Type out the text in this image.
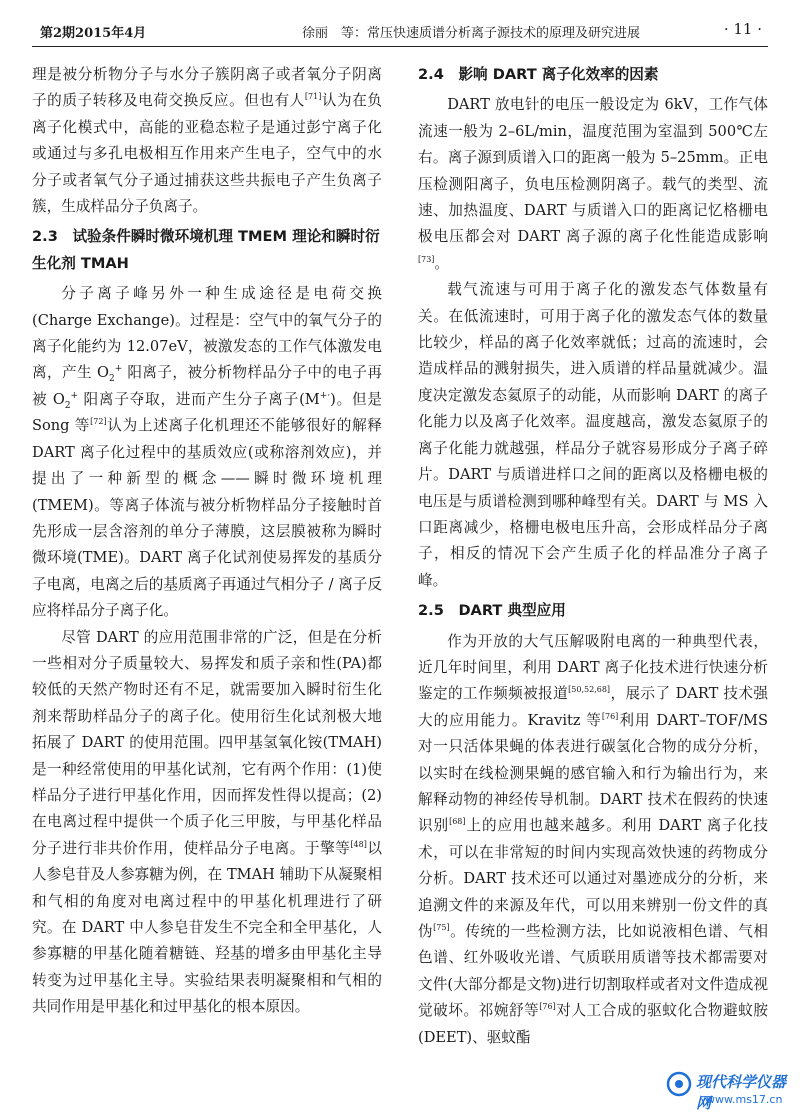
第2期2015年4月	徐丽　等：常压快速质谱分析离子源技术的原理及研究进展	· 11 ·

理是被分析物分子与水分子簇阴离子或者氧分子阴离子的质子转移及电荷交换反应。但也有人[71]认为在负离子化模式中，高能的亚稳态粒子是通过彭宁离子化或通过与多孔电极相互作用来产生电子，空气中的水分子或者氧气分子通过捕获这些共振电子产生负离子簇，生成样品分子负离子。

2.3　试验条件瞬时微环境机理 TMEM 理论和瞬时衍生化剂 TMAH

分子离子峰另外一种生成途径是电荷交换(Charge Exchange)。过程是：空气中的氧气分子的离子化能约为 12.07eV，被激发态的工作气体激发电离，产生 $O_2^+$ 阳离子，被分析物样品分子中的电子再被 $O_2^+$ 阳离子夺取，进而产生分子离子(M+·)。但是 Song 等[72]认为上述离子化机理还不能够很好的解释 DART 离子化过程中的基质效应(或称溶剂效应)，并提出了一种新型的概念——瞬时微环境机理(TMEM)。等离子体流与被分析物样品分子接触时首先形成一层含溶剂的单分子薄膜，这层膜被称为瞬时微环境(TME)。DART 离子化试剂使易挥发的基质分子电离，电离之后的基质离子再通过气相分子 / 离子反应将样品分子离子化。

尽管 DART 的应用范围非常的广泛，但是在分析一些相对分子质量较大、易挥发和质子亲和性(PA)都较低的天然产物时还有不足，就需要加入瞬时衍生化剂来帮助样品分子的离子化。使用衍生化试剂极大地拓展了 DART 的使用范围。四甲基氢氧化铵(TMAH)是一种经常使用的甲基化试剂，它有两个作用：(1)使样品分子进行甲基化作用，因而挥发性得以提高；(2)在电离过程中提供一个质子化三甲胺，与甲基化样品分子进行非共价作用，使样品分子电离。于擎等[48]以人参皂苷及人参寡糖为例，在 TMAH 辅助下从凝聚相和气相的角度对电离过程中的甲基化机理进行了研究。在 DART 中人参皂苷发生不完全和全甲基化，人参寡糖的甲基化随着糖链、羟基的增多由甲基化主导转变为过甲基化主导。实验结果表明凝聚相和气相的共同作用是甲基化和过甲基化的根本原因。

2.4　影响 DART 离子化效率的因素

DART 放电针的电压一般设定为 6kV，工作气体流速一般为 2–6L/min，温度范围为室温到 500℃左右。离子源到质谱入口的距离一般为 5–25mm。正电压检测阳离子，负电压检测阴离子。载气的类型、流速、加热温度、DART 与质谱入口的距离记忆格栅电极电压都会对 DART 离子源的离子化性能造成影响[73]。

载气流速与可用于离子化的激发态气体数量有关。在低流速时，可用于离子化的激发态气体的数量比较少，样品的离子化效率就低；过高的流速时，会造成样品的溅射损失，进入质谱的样品量就减少。温度决定激发态氦原子的动能，从而影响 DART 的离子化能力以及离子化效率。温度越高，激发态氦原子的离子化能力就越强，样品分子就容易形成分子离子碎片。DART 与质谱进样口之间的距离以及格栅电极的电压是与质谱检测到哪种峰型有关。DART 与 MS 入口距离减少，格栅电极电压升高，会形成样品分子离子，相反的情况下会产生质子化的样品准分子离子峰。

2.5　DART 典型应用

作为开放的大气压解吸附电离的一种典型代表，近几年时间里，利用 DART 离子化技术进行快速分析鉴定的工作频频被报道[50,52,68]，展示了 DART 技术强大的应用能力。Kravitz 等[76]利用 DART–TOF/MS 对一只活体果蝇的体表进行碳氢化合物的成分分析，以实时在线检测果蝇的感官输入和行为输出行为，来解释动物的神经传导机制。DART 技术在假药的快速识别[68]上的应用也越来越多。利用 DART 离子化技术，可以在非常短的时间内实现高效快速的药物成分分析。DART 技术还可以通过对墨迹成分的分析，来追溯文件的来源及年代，可以用来辨别一份文件的真伪[75]。传统的一些检测方法，比如说液相色谱、气相色谱、红外吸收光谱、气质联用质谱等技术都需要对文件(大部分都是文物)进行切割取样或者对文件造成视觉破坏。祁婉舒等[76]对人工合成的驱蚊化合物避蚊胺(DEET)、驱蚊酯

现代科学仪器网
www.ms17.cn
